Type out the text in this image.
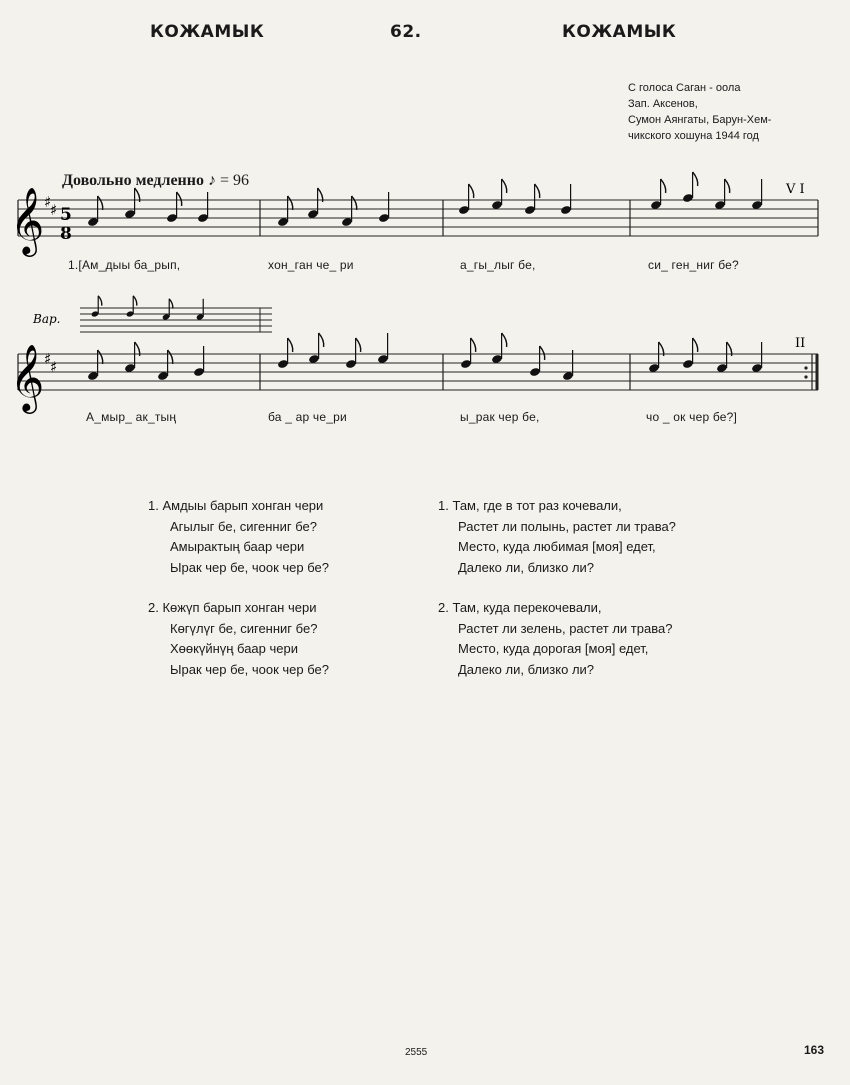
КОЖАМЫК	62.	КОЖАМЫК
С голоса Саган - оола
Зап. Аксенов,
Сумон Аянгаты, Барун-Хем-
чикского хошуна 1944 год
Довольно медленно ♪ = 96
𝄞
𝄞
♯
♯
♯
♯
5
8
V I
II
Вар.
1.[Ам_дыы ба_рып,	хон_ган че_ ри	а_гы_лыг бе,	си_ ген_ниг бе?
А_мыр_ ак_тың	ба _ ар че_ри	ы_рак чер бе,	чо _ ок чер бе?]
1. Амдыы барып хонган чери
Агылыг бе, сигенниг бе?
Амырактың баар чери
Ырак чер бе, чоок чер бе?
2. Көжүп барып хонган чери
Көгүлүг бе, сигенниг бе?
Хөөкүйнүң баар чери
Ырак чер бе, чоок чер бе?
1. Там, где в тот раз кочевали,
Растет ли полынь, растет ли трава?
Место, куда любимая [моя] едет,
Далеко ли, близко ли?
2. Там, куда перекочевали,
Растет ли зелень, растет ли трава?
Место, куда дорогая [моя] едет,
Далеко ли, близко ли?
2555	163
